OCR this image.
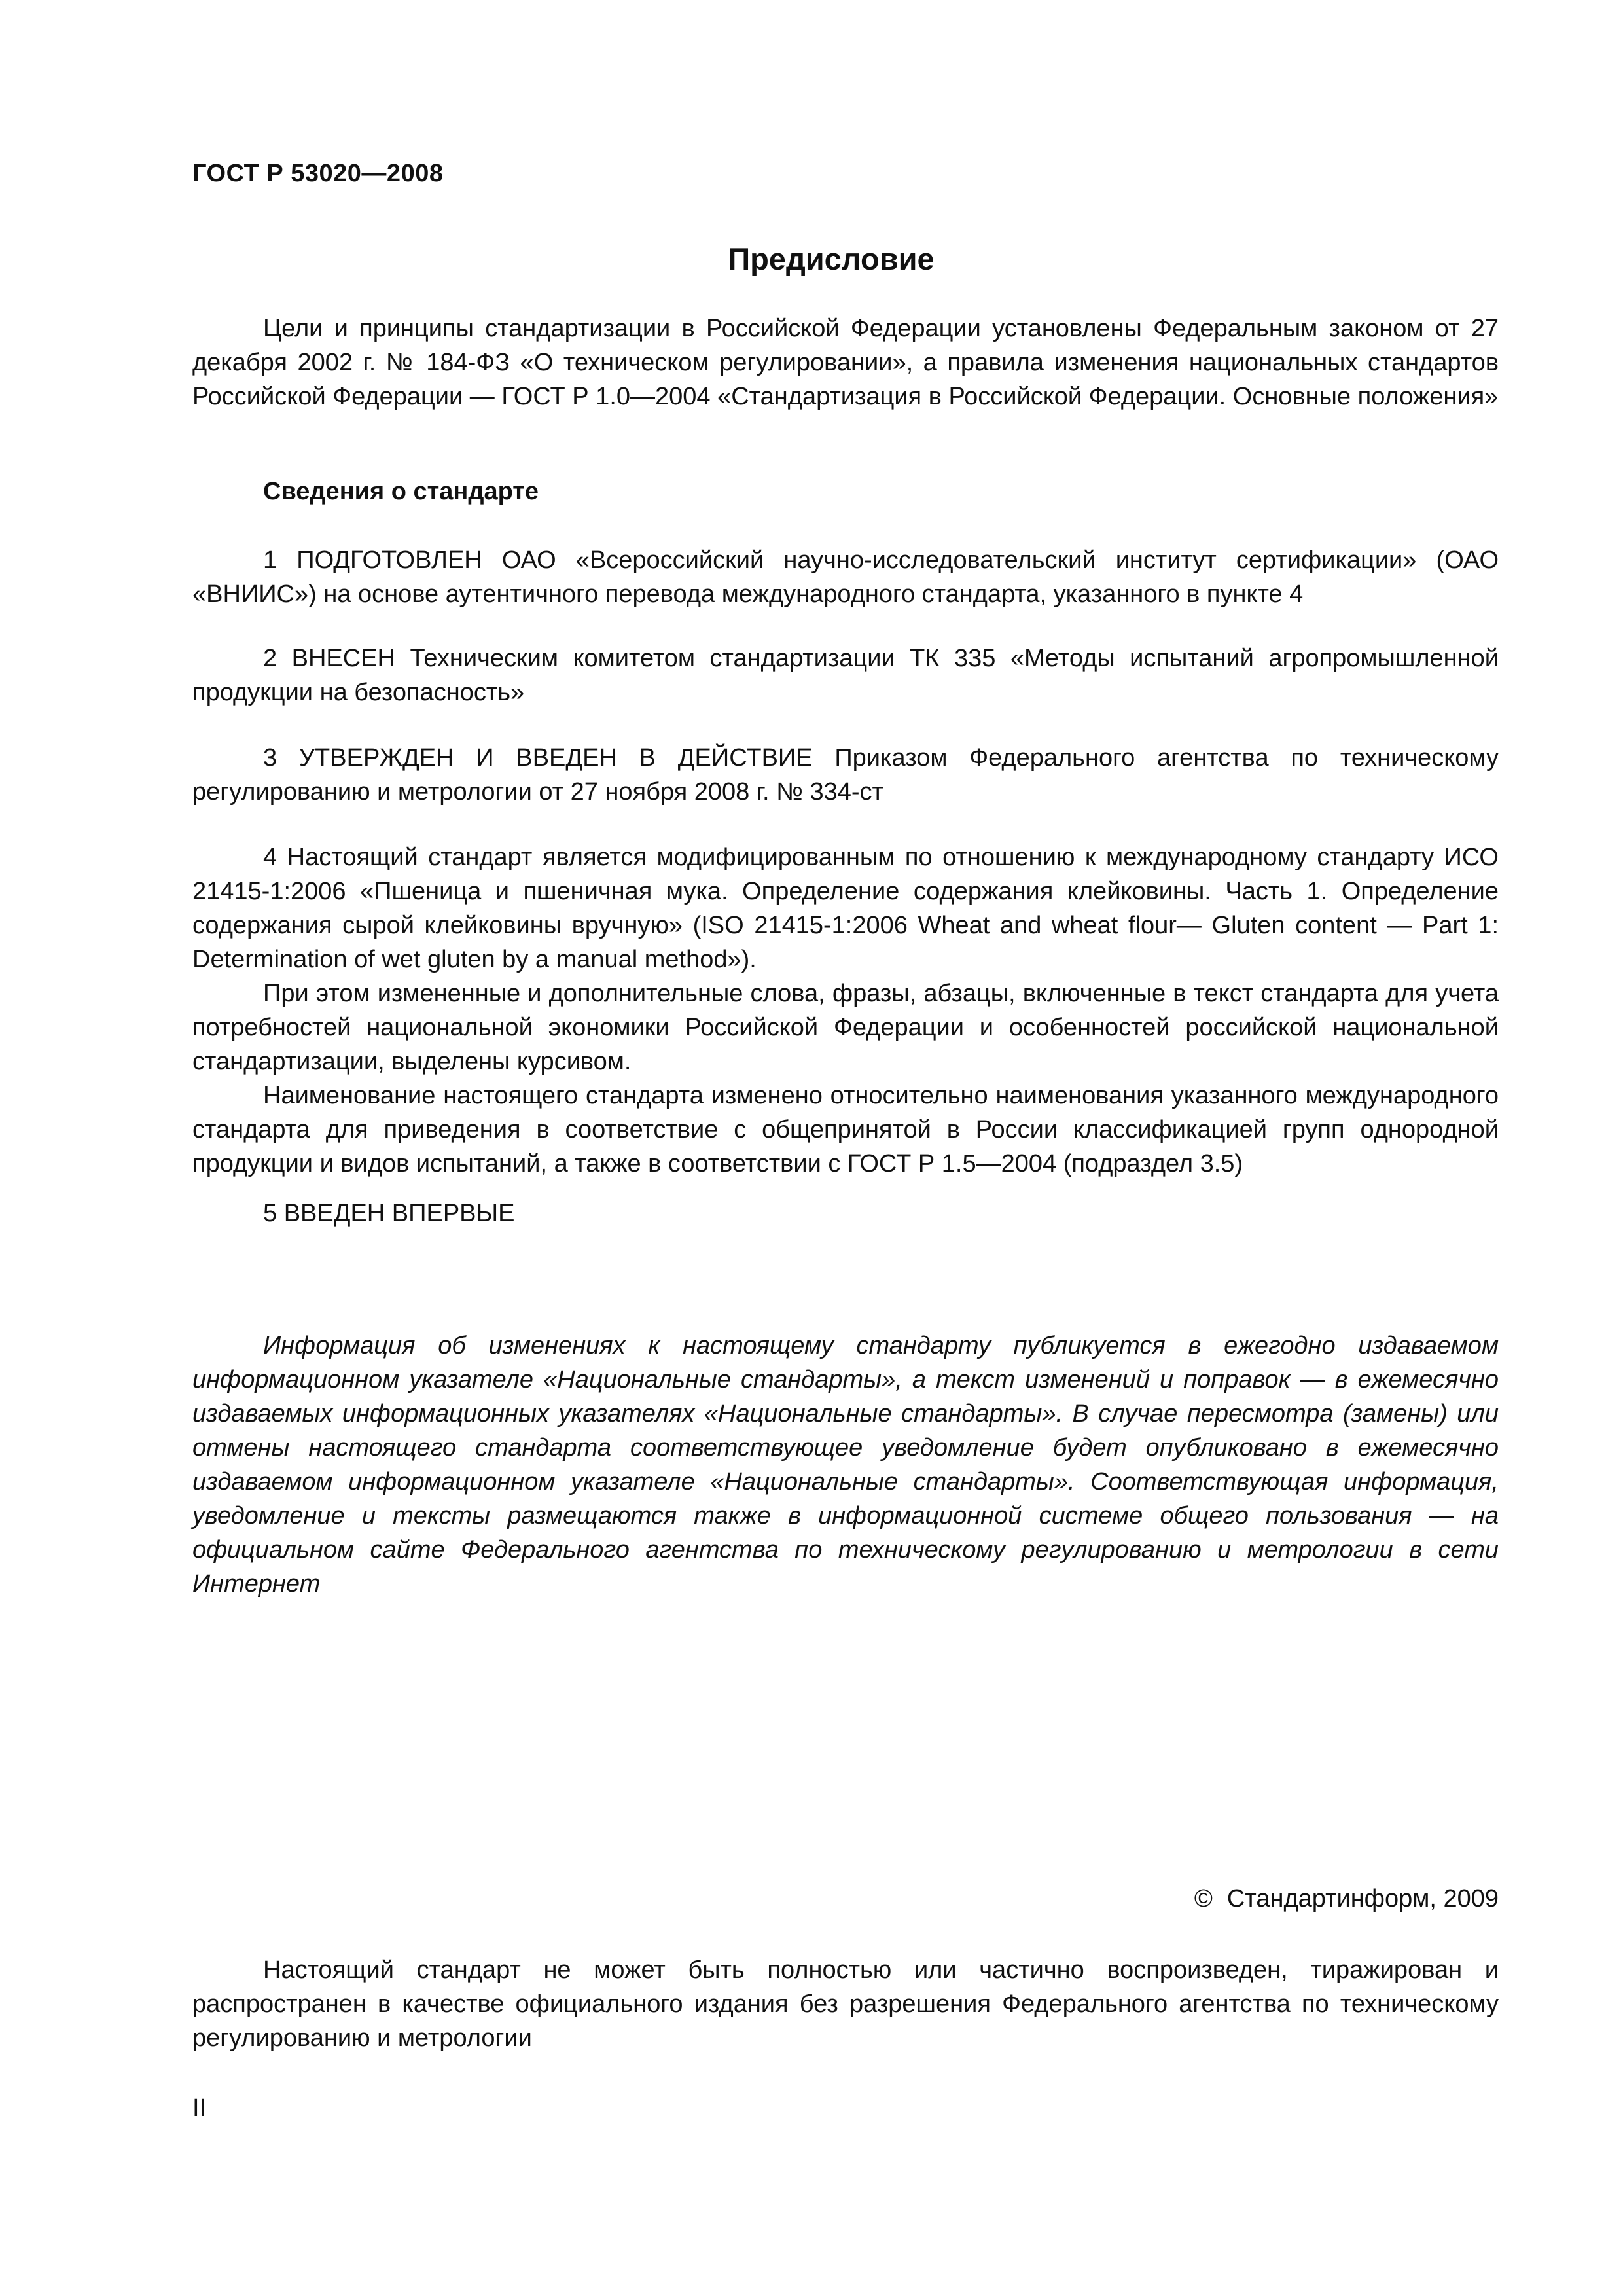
ГОСТ Р 53020—2008
Предисловие
Цели и принципы стандартизации в Российской Федерации установлены Федеральным законом от 27 декабря 2002 г. № 184-ФЗ «О техническом регулировании», а правила изменения национальных стандартов Российской Федерации — ГОСТ Р 1.0—2004 «Стандартизация в Российской Федерации. Основные положения»
Сведения о стандарте
1 ПОДГОТОВЛЕН ОАО «Всероссийский научно-исследовательский институт сертификации» (ОАО «ВНИИС») на основе аутентичного перевода международного стандарта, указанного в пункте 4
2 ВНЕСЕН Техническим комитетом стандартизации ТК 335 «Методы испытаний агропромышленной продукции на безопасность»
3 УТВЕРЖДЕН И ВВЕДЕН В ДЕЙСТВИЕ Приказом Федерального агентства по техническому регулированию и метрологии от 27 ноября 2008 г. № 334-ст

4 Настоящий стандарт является модифицированным по отношению к международному стандарту ИСО 21415-1:2006 «Пшеница и пшеничная мука. Определение содержания клейковины. Часть 1. Определение содержания сырой клейковины вручную» (ISO 21415-1:2006 Wheat and wheat flour— Gluten content — Part 1: Determination of wet gluten by a manual method»).

При этом измененные и дополнительные слова, фразы, абзацы, включенные в текст стандарта для учета потребностей национальной экономики Российской Федерации и особенностей российской национальной стандартизации, выделены курсивом.

Наименование настоящего стандарта изменено относительно наименования указанного международного стандарта для приведения в соответствие с общепринятой в России классификацией групп однородной продукции и видов испытаний, а также в соответствии с ГОСТ Р 1.5—2004 (подраздел 3.5)

5 ВВЕДЕН ВПЕРВЫЕ
Информация об изменениях к настоящему стандарту публикуется в ежегодно издаваемом информационном указателе «Национальные стандарты», а текст изменений и поправок — в ежемесячно издаваемых информационных указателях «Национальные стандарты». В случае пересмотра (замены) или отмены настоящего стандарта соответствующее уведомление будет опубликовано в ежемесячно издаваемом информационном указателе «Национальные стандарты». Соответствующая информация, уведомление и тексты размещаются также в информационной системе общего пользования — на официальном сайте Федерального агентства по техническому регулированию и метрологии в сети Интернет
© Стандартинформ, 2009
Настоящий стандарт не может быть полностью или частично воспроизведен, тиражирован и распространен в качестве официального издания без разрешения Федерального агентства по техническому регулированию и метрологии
II
